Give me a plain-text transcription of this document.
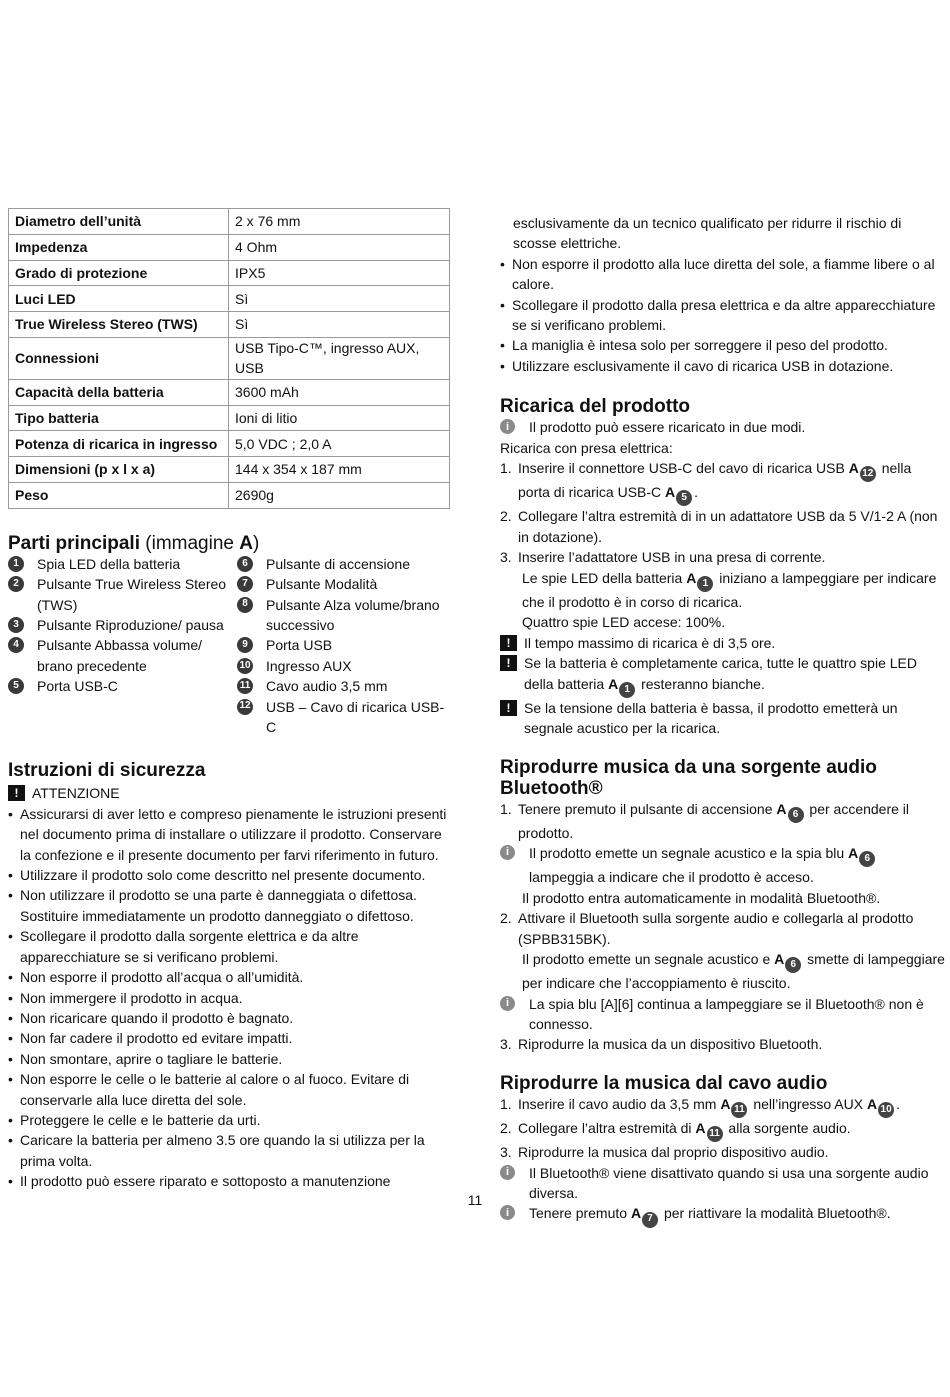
Diametro dell’unità	2 x 76 mm
Impedenza	4 Ohm
Grado di protezione	IPX5
Luci LED	Sì
True Wireless Stereo (TWS)	Sì
Connessioni	USB Tipo-C™, ingresso AUX, USB
Capacità della batteria	3600 mAh
Tipo batteria	Ioni di litio
Potenza di ricarica in ingresso	5,0 VDC ; 2,0 A
Dimensioni (p x l x a)	144 x 354 x 187 mm
Peso	2690g
Parti principali (immagine A)
1	Spia LED della batteria
2	Pulsante True Wireless Stereo (TWS)
3	Pulsante Riproduzione/ pausa
4	Pulsante Abbassa volume/ brano precedente
5	Porta USB-C
6	Pulsante di accensione
7	Pulsante Modalità
8	Pulsante Alza volume/brano successivo
9	Porta USB
10 Ingresso AUX
11 Cavo audio 3,5 mm
12 USB – Cavo di ricarica USB-C
Istruzioni di sicurezza
! ATTENZIONE
• Assicurarsi di aver letto e compreso pienamente le istruzioni presenti nel documento prima di installare o utilizzare il prodotto. Conservare la confezione e il presente documento per farvi riferimento in futuro.
• Utilizzare il prodotto solo come descritto nel presente documento.
• Non utilizzare il prodotto se una parte è danneggiata o difettosa. Sostituire immediatamente un prodotto danneggiato o difettoso.
• Scollegare il prodotto dalla sorgente elettrica e da altre apparecchiature se si verificano problemi.
• Non esporre il prodotto all’acqua o all’umidità.
• Non immergere il prodotto in acqua.
• Non ricaricare quando il prodotto è bagnato.
• Non far cadere il prodotto ed evitare impatti.
• Non smontare, aprire o tagliare le batterie.
• Non esporre le celle o le batterie al calore o al fuoco. Evitare di conservarle alla luce diretta del sole.
• Proteggere le celle e le batterie da urti.
• Caricare la batteria per almeno 3.5 ore quando la si utilizza per la prima volta.
• Il prodotto può essere riparato e sottoposto a manutenzione
esclusivamente da un tecnico qualificato per ridurre il rischio di scosse elettriche.
• Non esporre il prodotto alla luce diretta del sole, a fiamme libere o al calore.
• Scollegare il prodotto dalla presa elettrica e da altre apparecchiature se si verificano problemi.
• La maniglia è intesa solo per sorreggere il peso del prodotto.
• Utilizzare esclusivamente il cavo di ricarica USB in dotazione.
Ricarica del prodotto
i	Il prodotto può essere ricaricato in due modi.
Ricarica con presa elettrica:
1. Inserire il connettore USB-C del cavo di ricarica USB A 12 nella porta di ricarica USB-C A 5 .
2. Collegare l’altra estremità di in un adattatore USB da 5 V/1-2 A (non in dotazione).
3. Inserire l’adattatore USB in una presa di corrente.
Le spie LED della batteria A 1 iniziano a lampeggiare per indicare che il prodotto è in corso di ricarica.
Quattro spie LED accese: 100%.
! Il tempo massimo di ricarica è di 3,5 ore.
! Se la batteria è completamente carica, tutte le quattro spie LED della batteria A 1 resteranno bianche.
! Se la tensione della batteria è bassa, il prodotto emetterà un segnale acustico per la ricarica.
Riprodurre musica da una sorgente audio Bluetooth®
1. Tenere premuto il pulsante di accensione A 6 per accendere il prodotto.
i	Il prodotto emette un segnale acustico e la spia blu A 6 lampeggia a indicare che il prodotto è acceso.
Il prodotto entra automaticamente in modalità Bluetooth®.
2. Attivare il Bluetooth sulla sorgente audio e collegarla al prodotto (SPBB315BK).
Il prodotto emette un segnale acustico e A 6 smette di lampeggiare per indicare che l’accoppiamento è riuscito.
i	La spia blu [A][6] continua a lampeggiare se il Bluetooth® non è connesso.
3. Riprodurre la musica da un dispositivo Bluetooth.
Riprodurre la musica dal cavo audio
1. Inserire il cavo audio da 3,5 mm A 11 nell’ingresso AUX A 10 .
2. Collegare l’altra estremità di A 11 alla sorgente audio.
3. Riprodurre la musica dal proprio dispositivo audio.
i	Il Bluetooth® viene disattivato quando si usa una sorgente audio diversa.
i	Tenere premuto A 7 per riattivare la modalità Bluetooth®.
11
